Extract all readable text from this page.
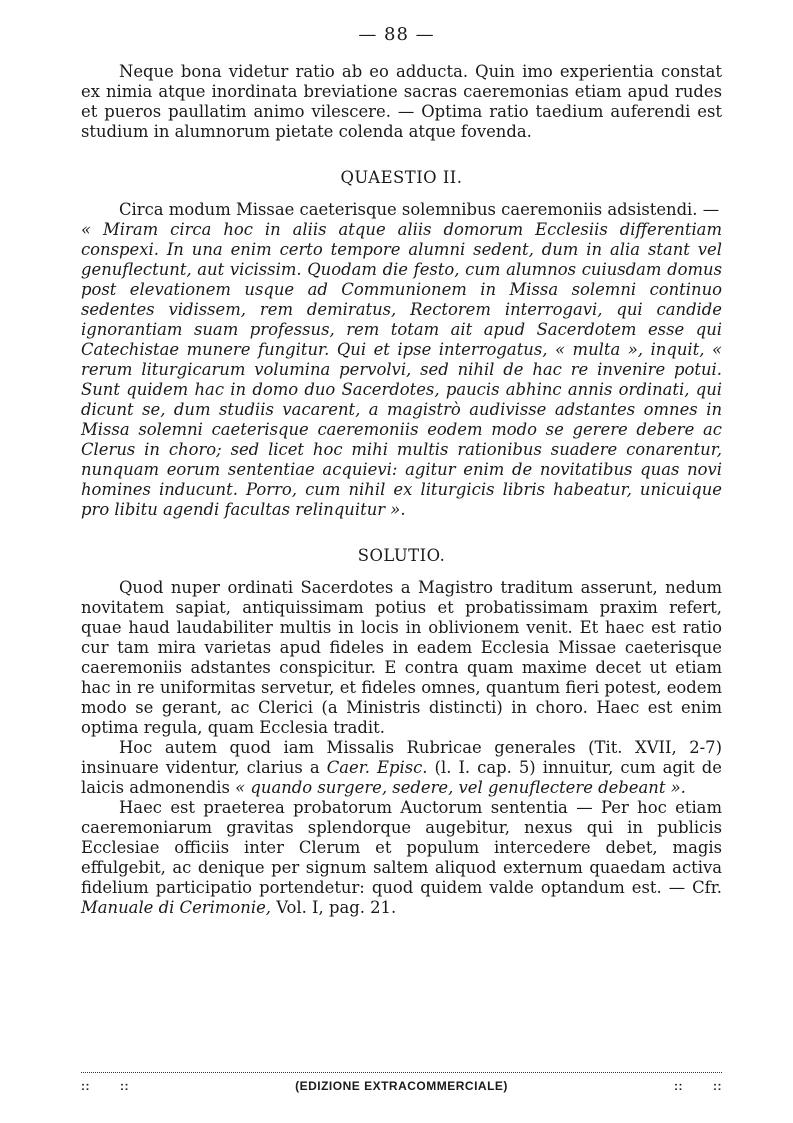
— 88 —

Neque bona videtur ratio ab eo adducta. Quin imo experientia constat ex nimia atque inordinata breviatione sacras caeremonias etiam apud rudes et pueros paullatim animo vilescere. — Optima ratio taedium auferendi est studium in alumnorum pietate colenda atque fovenda.

QUAESTIO II.

Circa modum Missae caeterisque solemnibus caeremoniis adsistendi. —

« Miram circa hoc in aliis atque aliis domorum Ecclesiis differentiam conspexi. In una enim certo tempore alumni sedent, dum in alia stant vel genuflectunt, aut vicissim. Quodam die festo, cum alumnos cuiusdam domus post elevationem usque ad Communionem in Missa solemni continuo sedentes vidissem, rem demiratus, Rectorem interrogavi, qui candide ignorantiam suam professus, rem totam ait apud Sacerdotem esse qui Catechistae munere fungitur. Qui et ipse interrogatus, « multa », inquit, « rerum liturgicarum volumina pervolvi, sed nihil de hac re invenire potui. Sunt quidem hac in domo duo Sacerdotes, paucis abhinc annis ordinati, qui dicunt se, dum studiis vacarent, a magistrò audivisse adstantes omnes in Missa solemni caeterisque caeremoniis eodem modo se gerere debere ac Clerus in choro; sed licet hoc mihi multis rationibus suadere conarentur, nunquam eorum sententiae acquievi: agitur enim de novitatibus quas novi homines inducunt. Porro, cum nihil ex liturgicis libris habeatur, unicuique pro libitu agendi facultas relinquitur ».

SOLUTIO.

Quod nuper ordinati Sacerdotes a Magistro traditum asserunt, nedum novitatem sapiat, antiquissimam potius et probatissimam praxim refert, quae haud laudabiliter multis in locis in oblivionem venit. Et haec est ratio cur tam mira varietas apud fideles in eadem Ecclesia Missae caeterisque caeremoniis adstantes conspicitur. E contra quam maxime decet ut etiam hac in re uniformitas servetur, et fideles omnes, quantum fieri potest, eodem modo se gerant, ac Clerici (a Ministris distincti) in choro. Haec est enim optima regula, quam Ecclesia tradit.

Hoc autem quod iam Missalis Rubricae generales (Tit. XVII, 2-7) insinuare videntur, clarius a Caer. Episc. (l. I. cap. 5) innuitur, cum agit de laicis admonendis « quando surgere, sedere, vel genuflectere debeant ».

Haec est praeterea probatorum Auctorum sententia — Per hoc etiam caeremoniarum gravitas splendorque augebitur, nexus qui in publicis Ecclesiae officiis inter Clerum et populum intercedere debet, magis effulgebit, ac denique per signum saltem aliquod externum quaedam activa fidelium participatio portendetur: quod quidem valde optandum est. — Cfr. Manuale di Cerimonie, Vol. I, pag. 21.

::	::	(EDIZIONE EXTRACOMMERCIALE)	::	::
